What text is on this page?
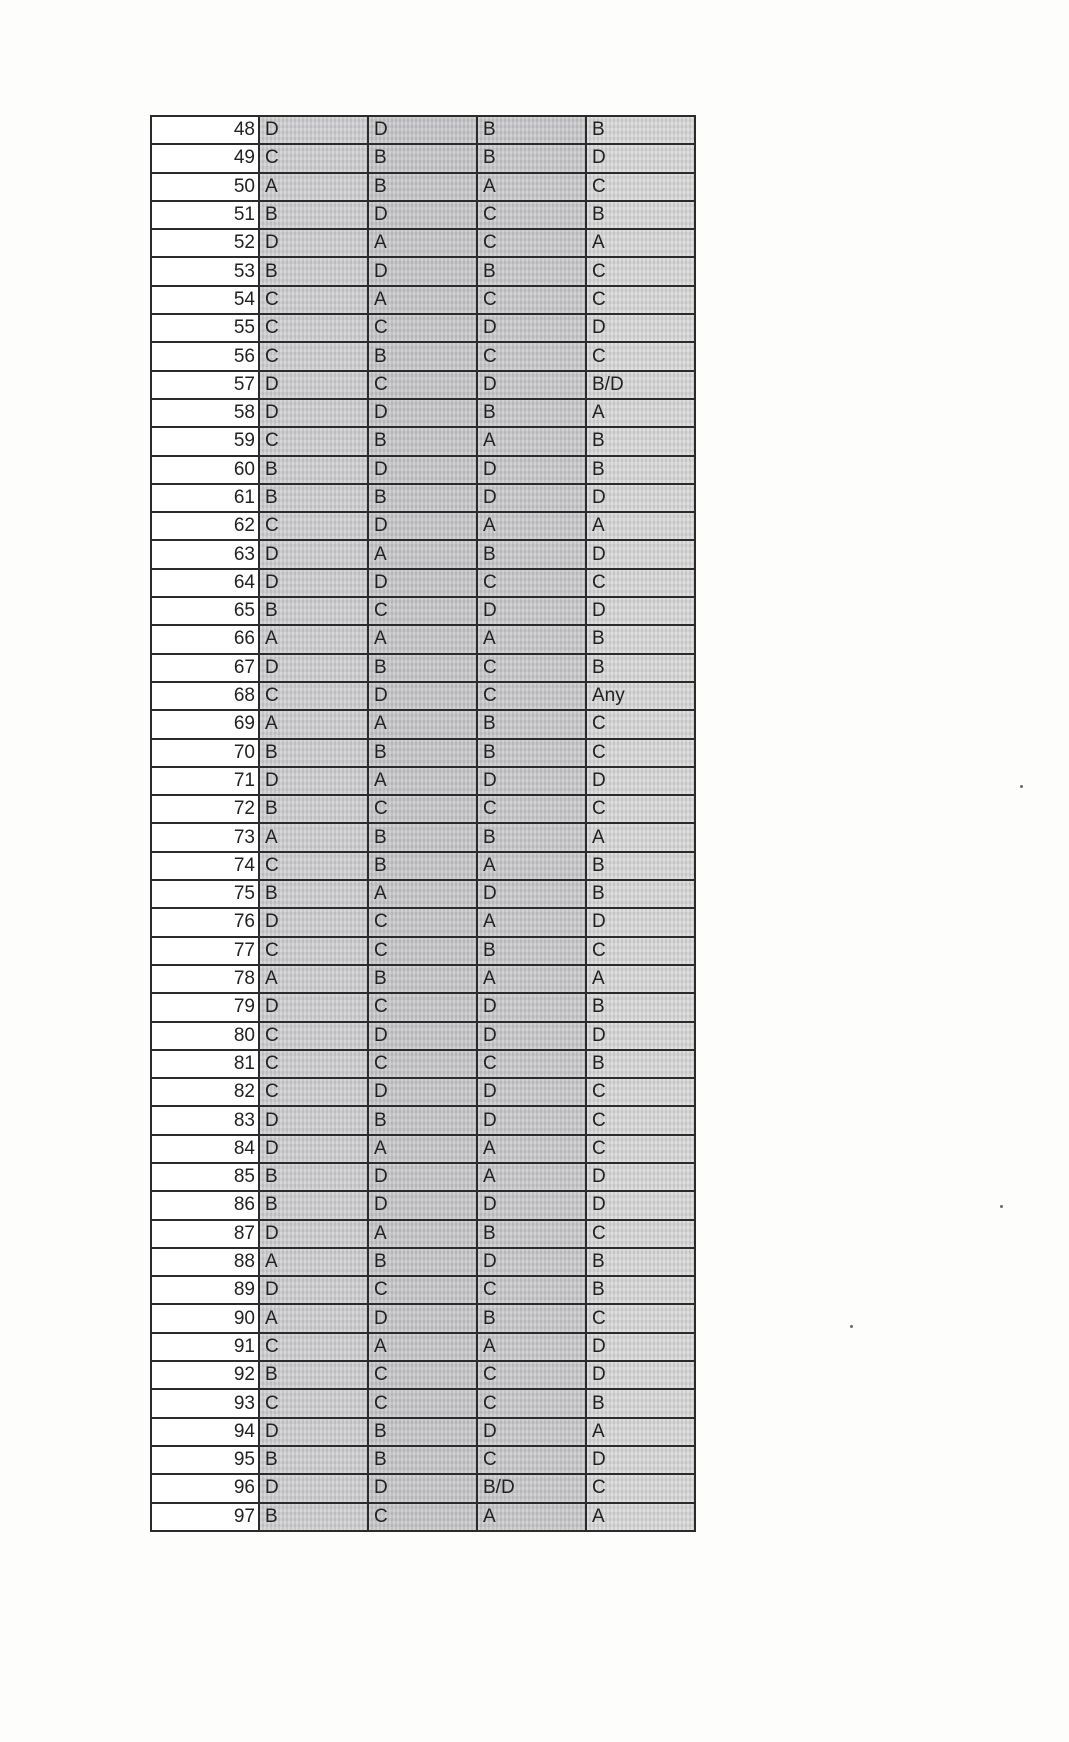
48	D	D	B	B
49	C	B	B	D
50	A	B	A	C
51	B	D	C	B
52	D	A	C	A
53	B	D	B	C
54	C	A	C	C
55	C	C	D	D
56	C	B	C	C
57	D	C	D	B/D
58	D	D	B	A
59	C	B	A	B
60	B	D	D	B
61	B	B	D	D
62	C	D	A	A
63	D	A	B	D
64	D	D	C	C
65	B	C	D	D
66	A	A	A	B
67	D	B	C	B
68	C	D	C	Any
69	A	A	B	C
70	B	B	B	C
71	D	A	D	D
72	B	C	C	C
73	A	B	B	A
74	C	B	A	B
75	B	A	D	B
76	D	C	A	D
77	C	C	B	C
78	A	B	A	A
79	D	C	D	B
80	C	D	D	D
81	C	C	C	B
82	C	D	D	C
83	D	B	D	C
84	D	A	A	C
85	B	D	A	D
86	B	D	D	D
87	D	A	B	C
88	A	B	D	B
89	D	C	C	B
90	A	D	B	C
91	C	A	A	D
92	B	C	C	D
93	C	C	C	B
94	D	B	D	A
95	B	B	C	D
96	D	D	B/D	C
97	B	C	A	A
